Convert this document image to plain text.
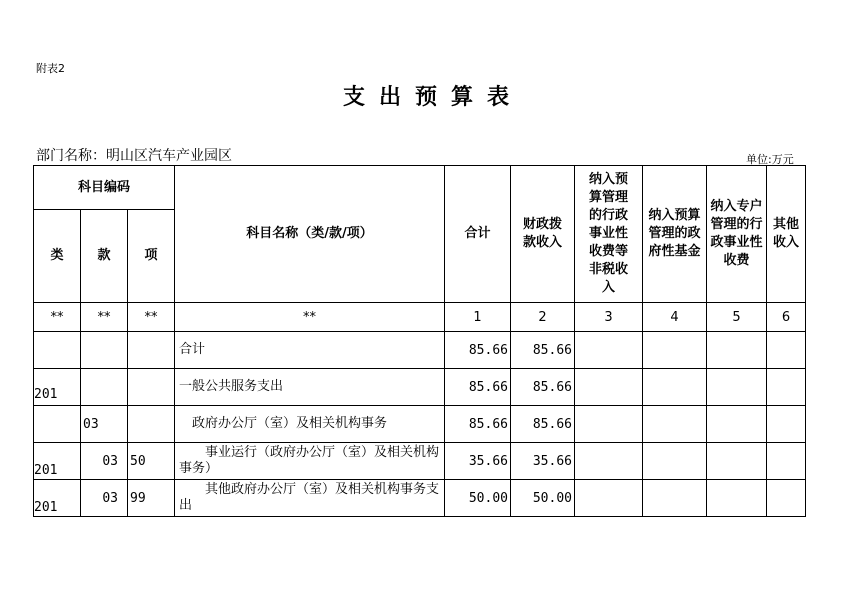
附表2
支出预算表
部门名称：明山区汽车产业园区	单位:万元
科目编码			科目名称（类/款/项）	合计	财政拨款收入	纳入预算管理的行政事业性收费等非税收入	纳入预算管理的政府性基金	纳入专户管理的行政事业性收费	其他收入
类	款	项							
**	**	**	**	1	2	3	4	5	6
			合计	85.66	85.66				
201			一般公共服务支出	85.66	85.66				
	03		　政府办公厅（室）及相关机构事务	85.66	85.66				
201	03	50	　　事业运行（政府办公厅（室）及相关机构事务）	35.66	35.66				
201	03	99	　　其他政府办公厅（室）及相关机构事务支出	50.00	50.00				
